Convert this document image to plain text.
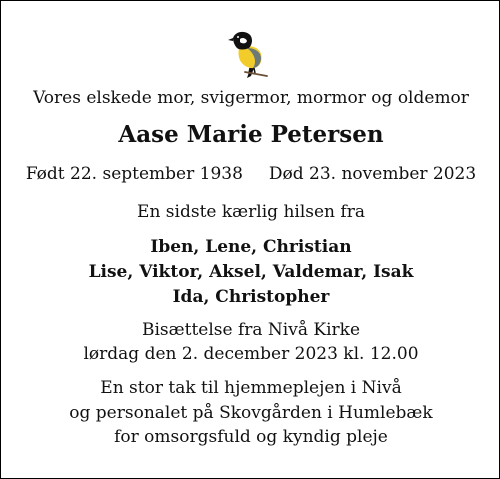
Vores elskede mor, svigermor, mormor og oldemor
Aase Marie Petersen
Født 22. september 1938 Død 23. november 2023
En sidste kærlig hilsen fra
Iben, Lene, Christian
Lise, Viktor, Aksel, Valdemar, Isak
Ida, Christopher
Bisættelse fra Nivå Kirke
lørdag den 2. december 2023 kl. 12.00
En stor tak til hjemmeplejen i Nivå
og personalet på Skovgården i Humlebæk
for omsorgsfuld og kyndig pleje
